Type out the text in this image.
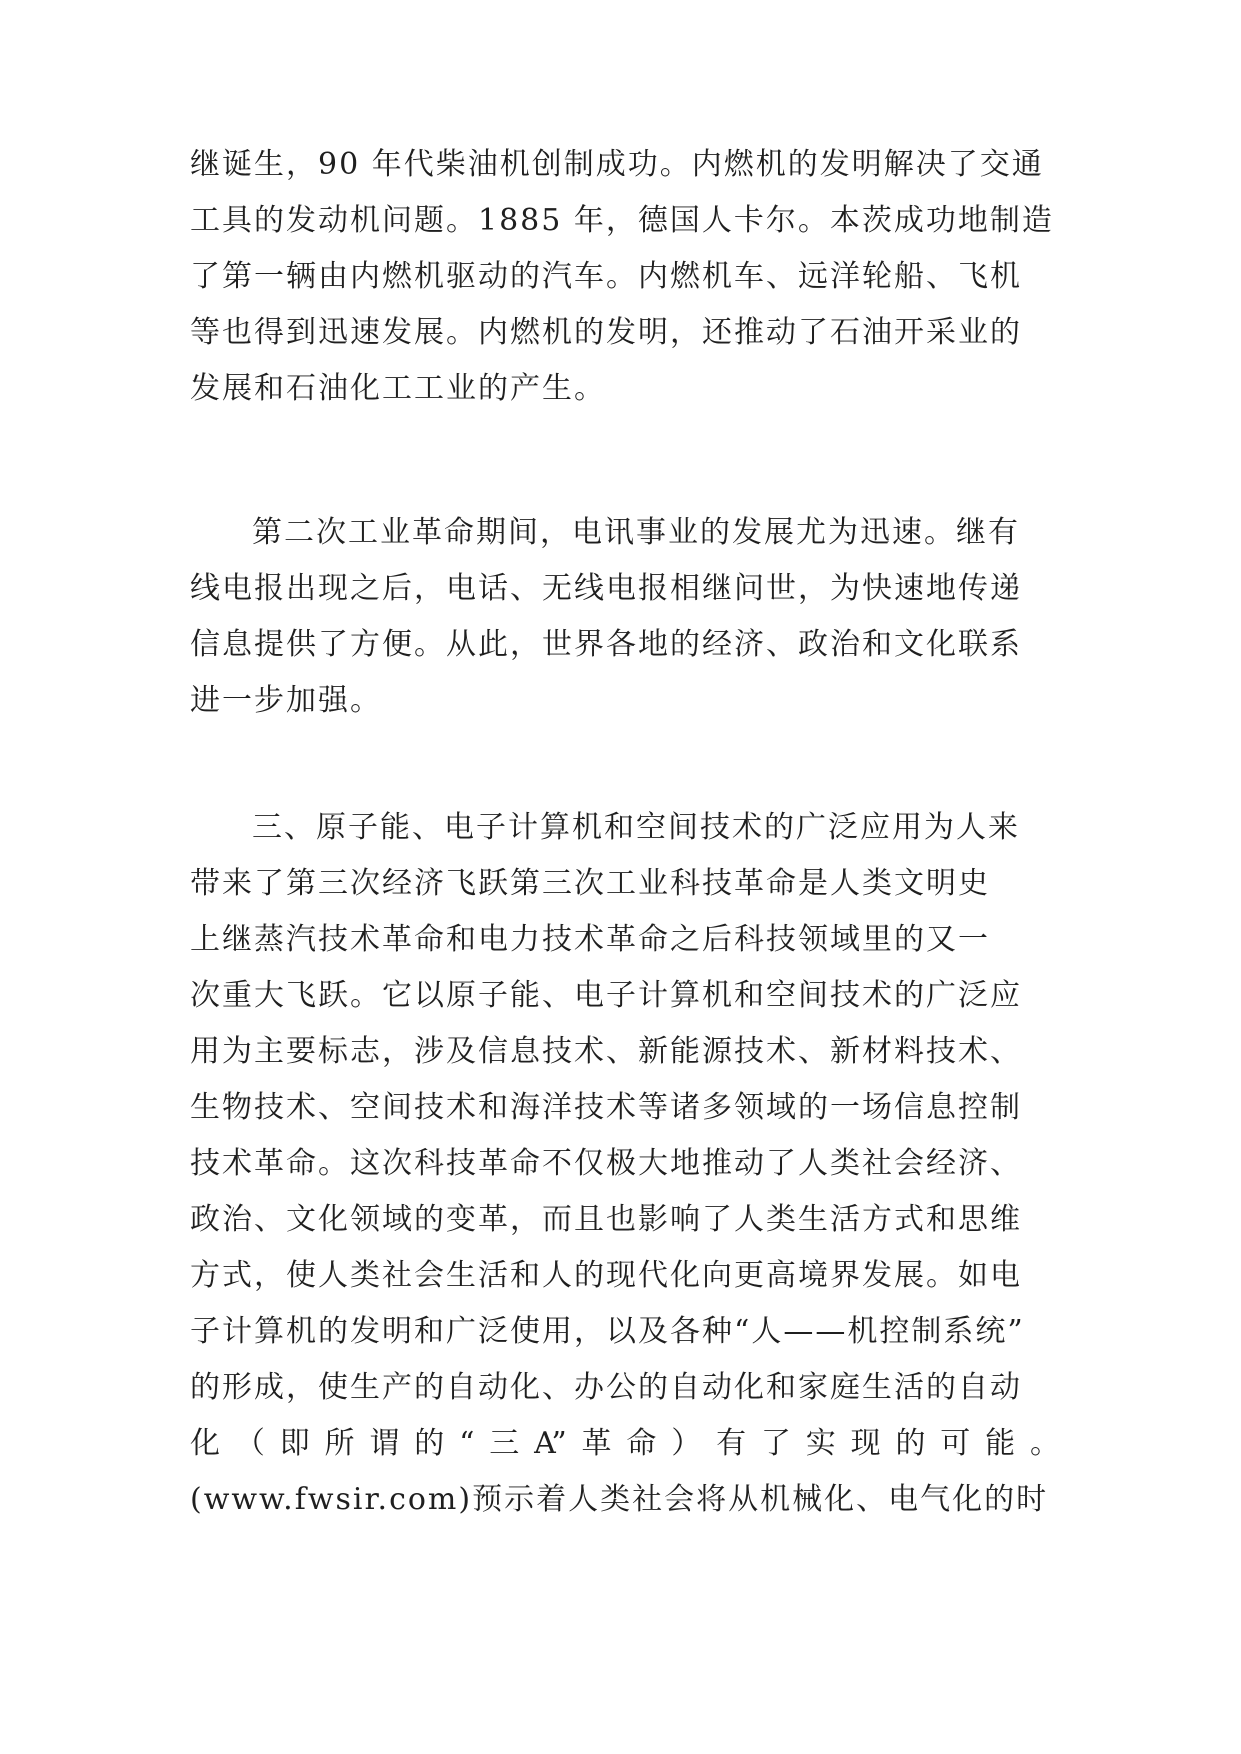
继诞生，90 年代柴油机创制成功。内燃机的发明解决了交通
工具的发动机问题。1885 年，德国人卡尔。本茨成功地制造
了第一辆由内燃机驱动的汽车。内燃机车、远洋轮船、飞机
等也得到迅速发展。内燃机的发明，还推动了石油开采业的
发展和石油化工工业的产生。
第二次工业革命期间，电讯事业的发展尤为迅速。继有
线电报出现之后，电话、无线电报相继问世，为快速地传递
信息提供了方便。从此，世界各地的经济、政治和文化联系
进一步加强。
三、原子能、电子计算机和空间技术的广泛应用为人来
带来了第三次经济飞跃第三次工业科技革命是人类文明史
上继蒸汽技术革命和电力技术革命之后科技领域里的又一
次重大飞跃。它以原子能、电子计算机和空间技术的广泛应
用为主要标志，涉及信息技术、新能源技术、新材料技术、
生物技术、空间技术和海洋技术等诸多领域的一场信息控制
技术革命。这次科技革命不仅极大地推动了人类社会经济、
政治、文化领域的变革，而且也影响了人类生活方式和思维
方式，使人类社会生活和人的现代化向更高境界发展。如电
子计算机的发明和广泛使用，以及各种“人——机控制系统”
的形成，使生产的自动化、办公的自动化和家庭生活的自动
化（即所谓的“三A”革命）有了实现的可能。
(www.fwsir.com)预示着人类社会将从机械化、电气化的时
